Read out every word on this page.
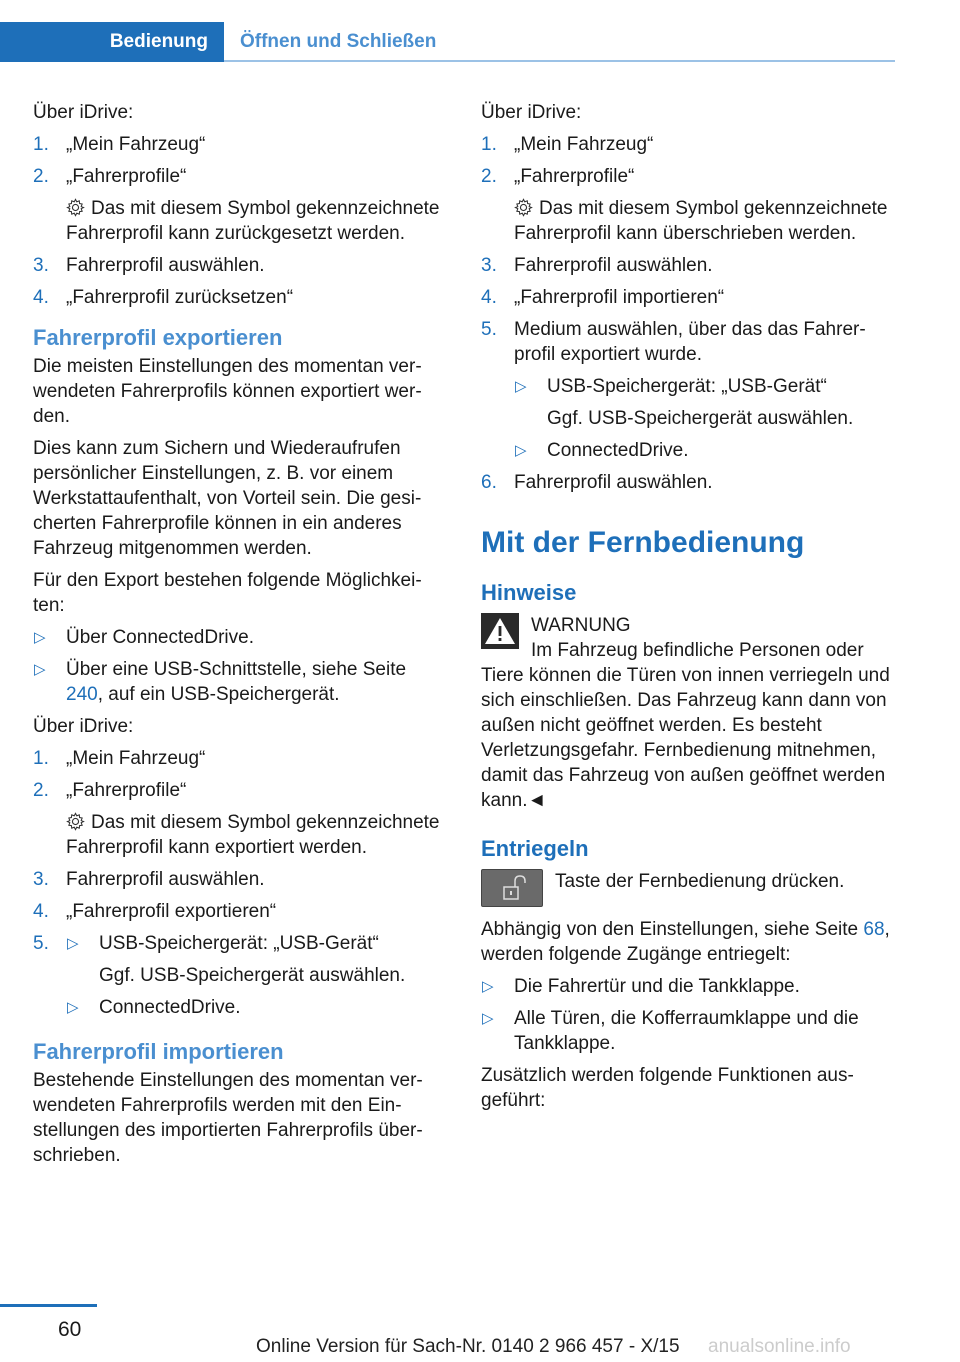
Bedienung	Öffnen und Schließen

Über iDrive:

1. „Mein Fahrzeug“
2. „Fahrerprofile“
Das mit diesem Symbol gekennzeichnete Fahrerprofil kann zurückgesetzt werden.
3. Fahrerprofil auswählen.
4. „Fahrerprofil zurücksetzen“
Fahrerprofil exportieren

Die meisten Einstellungen des momentan verwendeten Fahrerprofils können exportiert werden.

Dies kann zum Sichern und Wiederaufrufen persönlicher Einstellungen, z. B. vor einem Werkstattaufenthalt, von Vorteil sein. Die gesicherten Fahrerprofile können in ein anderes Fahrzeug mitgenommen werden.

Für den Export bestehen folgende Möglichkeiten:

▷ Über ConnectedDrive.
▷ Über eine USB-Schnittstelle, siehe Seite 240, auf ein USB-Speichergerät.

Über iDrive:

1. „Mein Fahrzeug“
2. „Fahrerprofile“
Das mit diesem Symbol gekennzeichnete Fahrerprofil kann exportiert werden.
3. Fahrerprofil auswählen.
4. „Fahrerprofil exportieren“
5. ▷ USB-Speichergerät: „USB-Gerät“
Ggf. USB-Speichergerät auswählen.
▷ ConnectedDrive.
Fahrerprofil importieren

Bestehende Einstellungen des momentan verwendeten Fahrerprofils werden mit den Einstellungen des importierten Fahrerprofils überschrieben.

Über iDrive:

1. „Mein Fahrzeug“
2. „Fahrerprofile“
Das mit diesem Symbol gekennzeichnete Fahrerprofil kann überschrieben werden.
3. Fahrerprofil auswählen.
4. „Fahrerprofil importieren“
5. Medium auswählen, über das das Fahrerprofil exportiert wurde.
▷ USB-Speichergerät: „USB-Gerät“
Ggf. USB-Speichergerät auswählen.
▷ ConnectedDrive.
6. Fahrerprofil auswählen.
Mit der Fernbedienung
Hinweise
WARNUNG
Im Fahrzeug befindliche Personen oder Tiere können die Türen von innen verriegeln und sich einschließen. Das Fahrzeug kann dann von außen nicht geöffnet werden. Es besteht Verletzungsgefahr. Fernbedienung mitnehmen, damit das Fahrzeug von außen geöffnet werden kann.◄
Entriegeln
Taste der Fernbedienung drücken.

Abhängig von den Einstellungen, siehe Seite 68, werden folgende Zugänge entriegelt:

▷ Die Fahrertür und die Tankklappe.
▷ Alle Türen, die Kofferraumklappe und die Tankklappe.

Zusätzlich werden folgende Funktionen ausgeführt:

60
Online Version für Sach-Nr. 0140 2 966 457 - X/15 anualsonline.info
